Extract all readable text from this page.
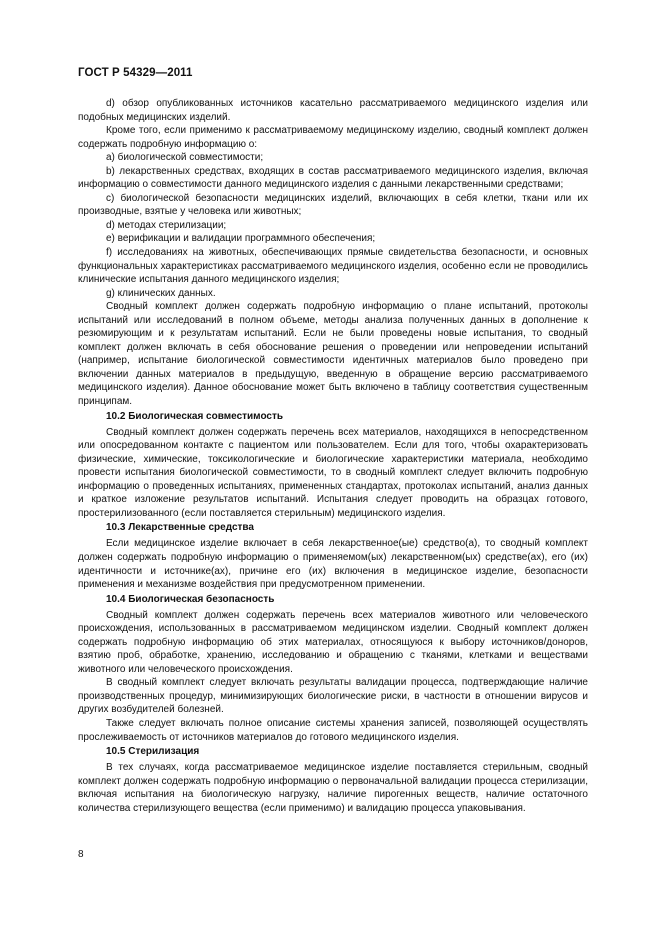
ГОСТ Р 54329—2011

d) обзор опубликованных источников касательно рассматриваемого медицинского изделия или подобных медицинских изделий.

Кроме того, если применимо к рассматриваемому медицинскому изделию, сводный комплект должен содержать подробную информацию о:

a) биологической совместимости;

b) лекарственных средствах, входящих в состав рассматриваемого медицинского изделия, включая информацию о совместимости данного медицинского изделия с данными лекарственными средствами;

c) биологической безопасности медицинских изделий, включающих в себя клетки, ткани или их производные, взятые у человека или животных;

d) методах стерилизации;

e) верификации и валидации программного обеспечения;

f) исследованиях на животных, обеспечивающих прямые свидетельства безопасности, и основных функциональных характеристиках рассматриваемого медицинского изделия, особенно если не проводились клинические испытания данного медицинского изделия;

g) клинических данных.

Сводный комплект должен содержать подробную информацию о плане испытаний, протоколы испытаний или исследований в полном объеме, методы анализа полученных данных в дополнение к резюмирующим и к результатам испытаний. Если не были проведены новые испытания, то сводный комплект должен включать в себя обоснование решения о проведении или непроведении испытаний (например, испытание биологической совместимости идентичных материалов было проведено при включении данных материалов в предыдущую, введенную в обращение версию рассматриваемого медицинского изделия). Данное обоснование может быть включено в таблицу соответствия существенным принципам.

10.2 Биологическая совместимость

Сводный комплект должен содержать перечень всех материалов, находящихся в непосредственном или опосредованном контакте с пациентом или пользователем. Если для того, чтобы охарактеризовать физические, химические, токсикологические и биологические характеристики материала, необходимо провести испытания биологической совместимости, то в сводный комплект следует включить подробную информацию о проведенных испытаниях, примененных стандартах, протоколах испытаний, анализ данных и краткое изложение результатов испытаний. Испытания следует проводить на образцах готового, простерилизованного (если поставляется стерильным) медицинского изделия.

10.3 Лекарственные средства

Если медицинское изделие включает в себя лекарственное(ые) средство(а), то сводный комплект должен содержать подробную информацию о применяемом(ых) лекарственном(ых) средстве(ах), его (их) идентичности и источнике(ах), причине его (их) включения в медицинское изделие, безопасности применения и механизме воздействия при предусмотренном применении.

10.4 Биологическая безопасность

Сводный комплект должен содержать перечень всех материалов животного или человеческого происхождения, использованных в рассматриваемом медицинском изделии. Сводный комплект должен содержать подробную информацию об этих материалах, относящуюся к выбору источников/доноров, взятию проб, обработке, хранению, исследованию и обращению с тканями, клетками и веществами животного или человеческого происхождения.

В сводный комплект следует включать результаты валидации процесса, подтверждающие наличие производственных процедур, минимизирующих биологические риски, в частности в отношении вирусов и других возбудителей болезней.

Также следует включать полное описание системы хранения записей, позволяющей осуществлять прослеживаемость от источников материалов до готового медицинского изделия.

10.5 Стерилизация

В тех случаях, когда рассматриваемое медицинское изделие поставляется стерильным, сводный комплект должен содержать подробную информацию о первоначальной валидации процесса стерилизации, включая испытания на биологическую нагрузку, наличие пирогенных веществ, наличие остаточного количества стерилизующего вещества (если применимо) и валидацию процесса упаковывания.

8
